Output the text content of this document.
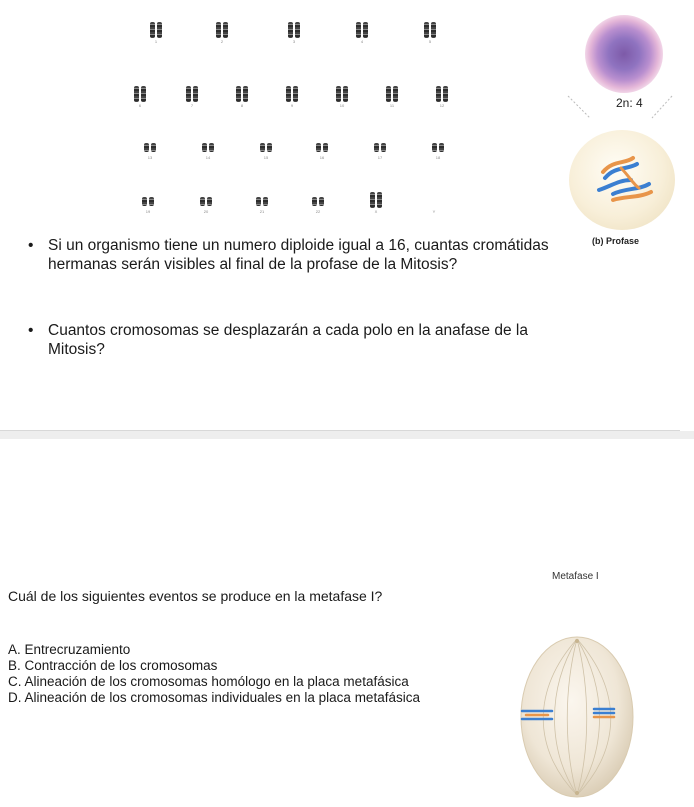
1	2	3	4	5
6	7	8	9	10	11	12
13	14	15	16	17	18
19	20	21	22	X	Y
2n: 4
(b) Profase
• Si un organismo tiene un numero diploide igual a 16, cuantas cromátidas hermanas serán visibles al final de la profase de la Mitosis?
• Cuantos cromosomas se desplazarán a cada polo en la anafase de la Mitosis?
Metafase I
Cuál de los siguientes eventos se produce en la metafase I?
A. Entrecruzamiento
B. Contracción de los cromosomas
C. Alineación de los cromosomas homólogo en la placa metafásica
D. Alineación de los cromosomas individuales en la placa metafásica
